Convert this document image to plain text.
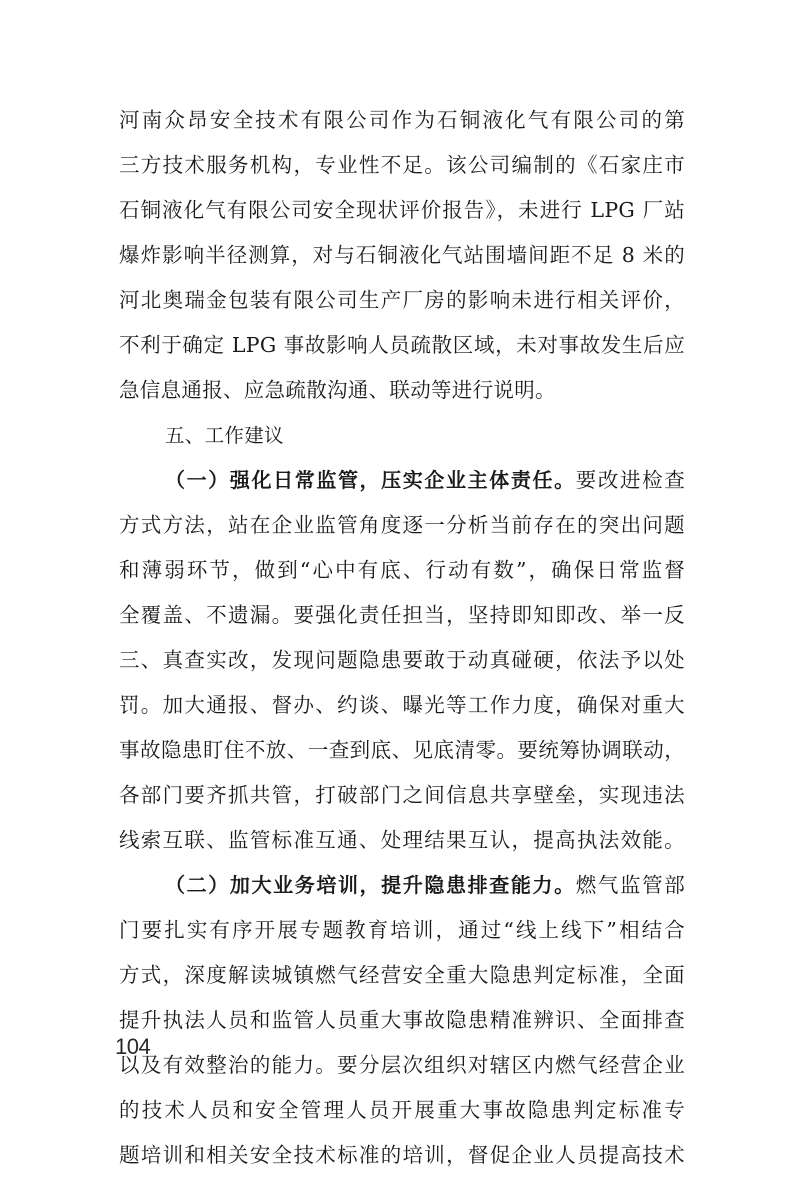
河南众昂安全技术有限公司作为石铜液化气有限公司的第
三方技术服务机构，专业性不足。该公司编制的《石家庄市
石铜液化气有限公司安全现状评价报告》，未进行 LPG 厂站
爆炸影响半径测算，对与石铜液化气站围墙间距不足 8 米的
河北奥瑞金包装有限公司生产厂房的影响未进行相关评价，
不利于确定 LPG 事故影响人员疏散区域，未对事故发生后应
急信息通报、应急疏散沟通、联动等进行说明。
五、工作建议
（一）强化日常监管，压实企业主体责任。要改进检查
方式方法，站在企业监管角度逐一分析当前存在的突出问题
和薄弱环节，做到“心中有底、行动有数”，确保日常监督
全覆盖、不遗漏。要强化责任担当，坚持即知即改、举一反
三、真查实改，发现问题隐患要敢于动真碰硬，依法予以处
罚。加大通报、督办、约谈、曝光等工作力度，确保对重大
事故隐患盯住不放、一查到底、见底清零。要统筹协调联动，
各部门要齐抓共管，打破部门之间信息共享壁垒，实现违法
线索互联、监管标准互通、处理结果互认，提高执法效能。
（二）加大业务培训，提升隐患排查能力。燃气监管部
门要扎实有序开展专题教育培训，通过“线上线下”相结合
方式，深度解读城镇燃气经营安全重大隐患判定标准，全面
提升执法人员和监管人员重大事故隐患精准辨识、全面排查
以及有效整治的能力。要分层次组织对辖区内燃气经营企业
的技术人员和安全管理人员开展重大事故隐患判定标准专
题培训和相关安全技术标准的培训，督促企业人员提高技术
104
